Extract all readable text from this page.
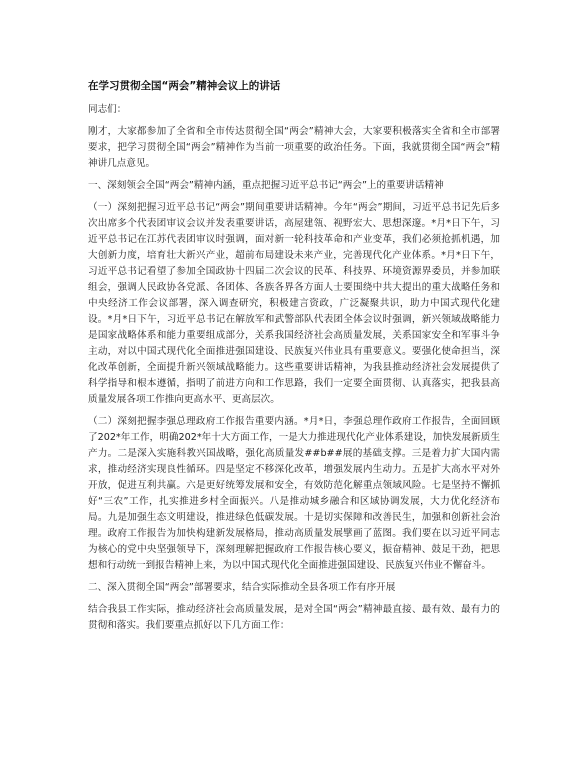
在学习贯彻全国“两会”精神会议上的讲话

同志们：

刚才，大家都参加了全省和全市传达贯彻全国“两会”精神大会，大家要积极落实全省和全市部署要求，把学习贯彻全国“两会”精神作为当前一项重要的政治任务。下面，我就贯彻全国“两会”精神讲几点意见。

一、深刻领会全国“两会”精神内涵，重点把握习近平总书记“两会”上的重要讲话精神

（一）深刻把握习近平总书记“两会”期间重要讲话精神。今年“两会”期间，习近平总书记先后多次出席多个代表团审议会议并发表重要讲话，高屋建瓴、视野宏大、思想深邃。*月*日下午，习近平总书记在江苏代表团审议时强调，面对新一轮科技革命和产业变革，我们必须抢抓机遇，加大创新力度，培育壮大新兴产业，超前布局建设未来产业，完善现代化产业体系。*月*日下午，习近平总书记看望了参加全国政协十四届二次会议的民革、科技界、环境资源界委员，并参加联组会，强调人民政协各党派、各团体、各族各界各方面人士要围绕中共大提出的重大战略任务和中央经济工作会议部署，深入调查研究，积极建言资政，广泛凝聚共识，助力中国式现代化建设。*月*日下午，习近平总书记在解放军和武警部队代表团全体会议时强调，新兴领域战略能力是国家战略体系和能力重要组成部分，关系我国经济社会高质量发展，关系国家安全和军事斗争主动，对以中国式现代化全面推进强国建设、民族复兴伟业具有重要意义。要强化使命担当，深化改革创新，全面提升新兴领域战略能力。这些重要讲话精神，为我县推动经济社会发展提供了科学指导和根本遵循，指明了前进方向和工作思路，我们一定要全面贯彻、认真落实，把我县高质量发展各项工作推向更高水平、更高层次。

（二）深刻把握李强总理政府工作报告重要内涵。*月*日，李强总理作政府工作报告，全面回顾了202*年工作，明确202*年十大方面工作，一是大力推进现代化产业体系建设，加快发展新质生产力。二是深入实施科教兴国战略，强化高质量发##b##展的基础支撑。三是着力扩大国内需求，推动经济实现良性循环。四是坚定不移深化改革，增强发展内生动力。五是扩大高水平对外开放，促进互利共赢。六是更好统筹发展和安全，有效防范化解重点领域风险。七是坚持不懈抓好“三农”工作，扎实推进乡村全面振兴。八是推动城乡融合和区域协调发展，大力优化经济布局。九是加强生态文明建设，推进绿色低碳发展。十是切实保障和改善民生，加强和创新社会治理。政府工作报告为加快构建新发展格局，推动高质量发展擘画了蓝图。我们要在以习近平同志为核心的党中央坚强领导下，深刻理解把握政府工作报告核心要义，振奋精神、鼓足干劲，把思想和行动统一到报告精神上来，为以中国式现代化全面推进强国建设、民族复兴伟业不懈奋斗。

二、深入贯彻全国“两会”部署要求，结合实际推动全县各项工作有序开展

结合我县工作实际，推动经济社会高质量发展，是对全国“两会”精神最直接、最有效、最有力的贯彻和落实。我们要重点抓好以下几方面工作：
